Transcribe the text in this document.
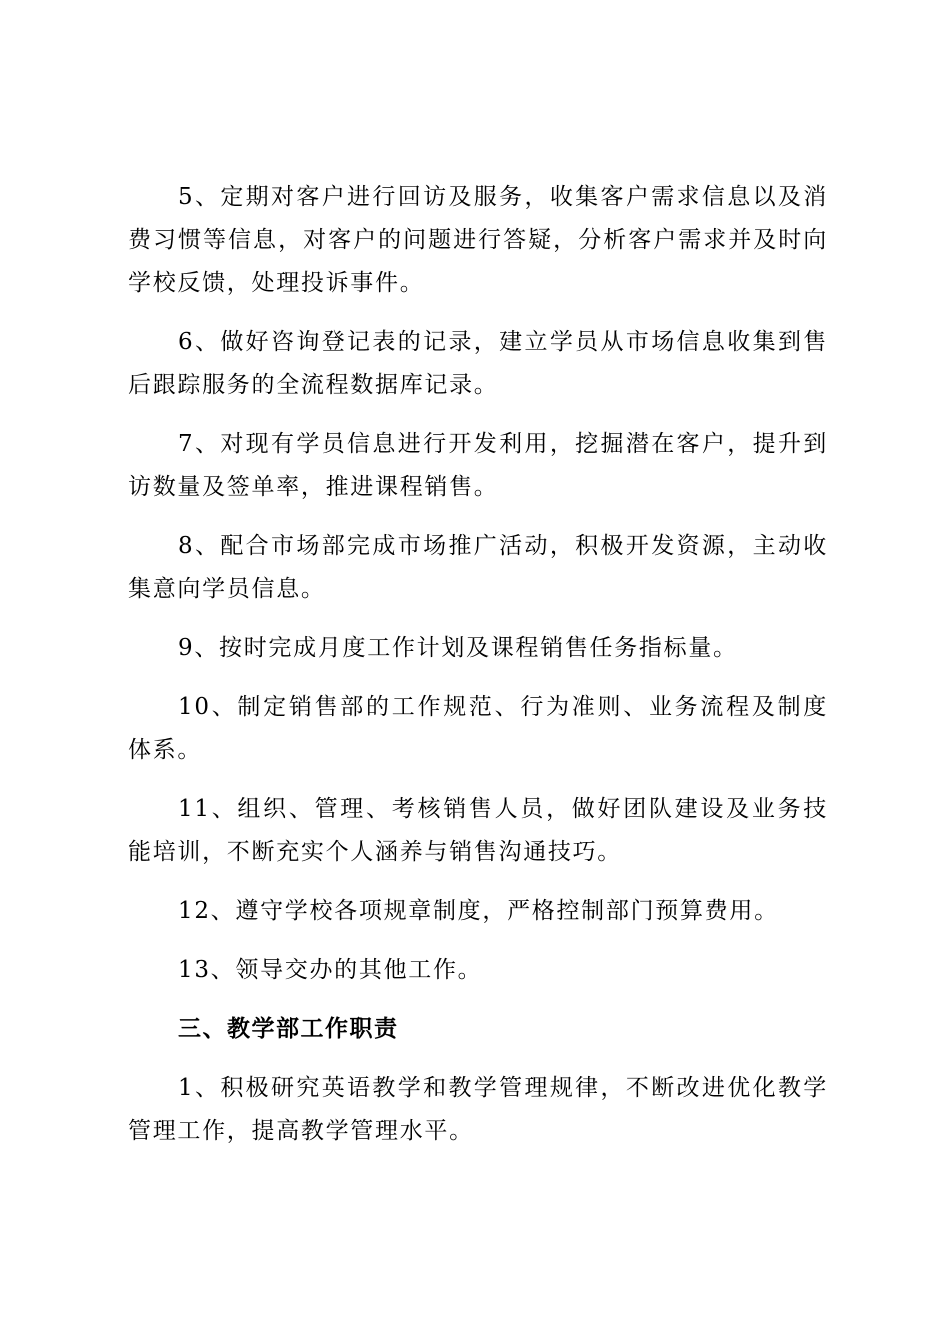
5、定期对客户进行回访及服务，收集客户需求信息以及消费习惯等信息，对客户的问题进行答疑，分析客户需求并及时向学校反馈，处理投诉事件。

6、做好咨询登记表的记录，建立学员从市场信息收集到售后跟踪服务的全流程数据库记录。

7、对现有学员信息进行开发利用，挖掘潜在客户，提升到访数量及签单率，推进课程销售。

8、配合市场部完成市场推广活动，积极开发资源，主动收集意向学员信息。

9、按时完成月度工作计划及课程销售任务指标量。

10、制定销售部的工作规范、行为准则、业务流程及制度体系。

11、组织、管理、考核销售人员，做好团队建设及业务技能培训，不断充实个人涵养与销售沟通技巧。

12、遵守学校各项规章制度，严格控制部门预算费用。

13、领导交办的其他工作。

三、教学部工作职责

1、积极研究英语教学和教学管理规律，不断改进优化教学管理工作，提高教学管理水平。
